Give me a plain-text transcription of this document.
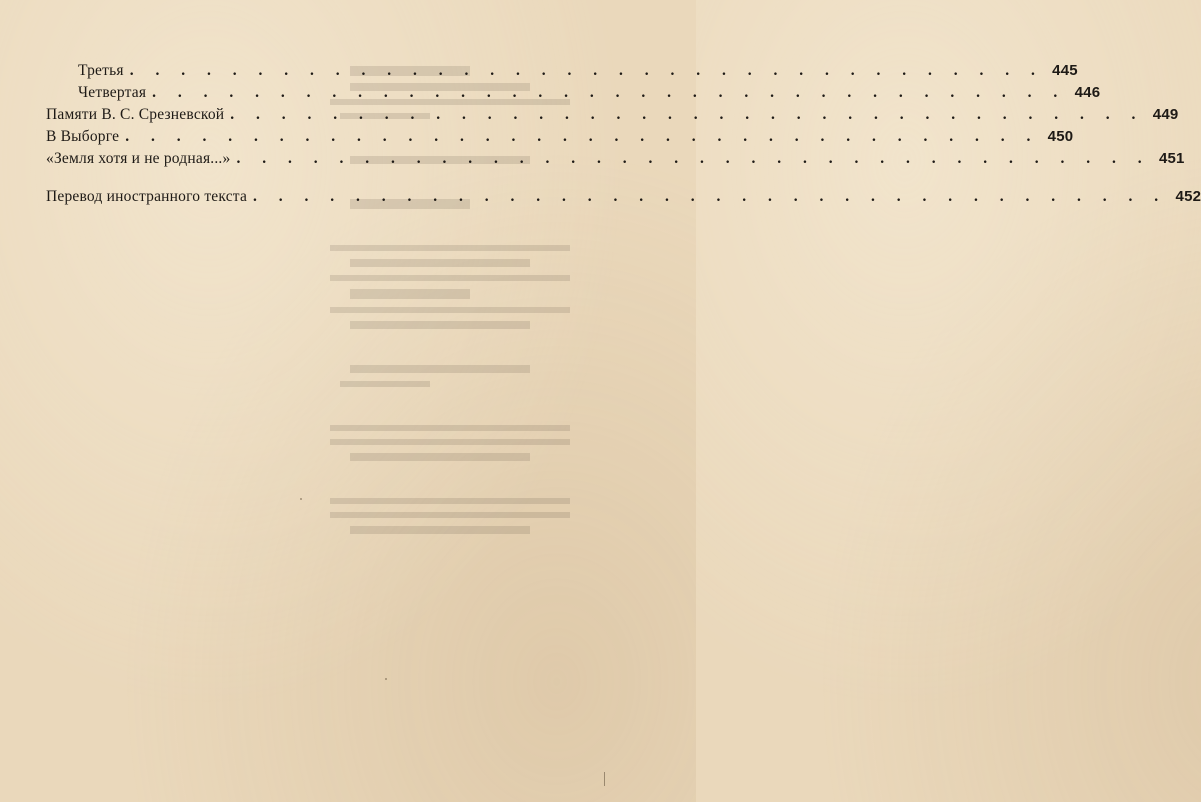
Третья . . . . . . . . . . . . . . . . . . . . . . . . . . . . . . . . . . . . 445
Четвертая . . . . . . . . . . . . . . . . . . . . . . . . . . . . . . . . . . . . 446
Памяти В. С. Срезневской . . . . . . . . . . . . . . . . . . . . . . . . . . . . . . . . . . . . 449
В Выборге . . . . . . . . . . . . . . . . . . . . . . . . . . . . . . . . . . . . 450
«Земля хотя и не родная...» . . . . . . . . . . . . . . . . . . . . . . . . . . . . . . . . . . . . 451
Перевод иностранного текста . . . . . . . . . . . . . . . . . . . . . . . . . . . . . . . . . . . . 452
